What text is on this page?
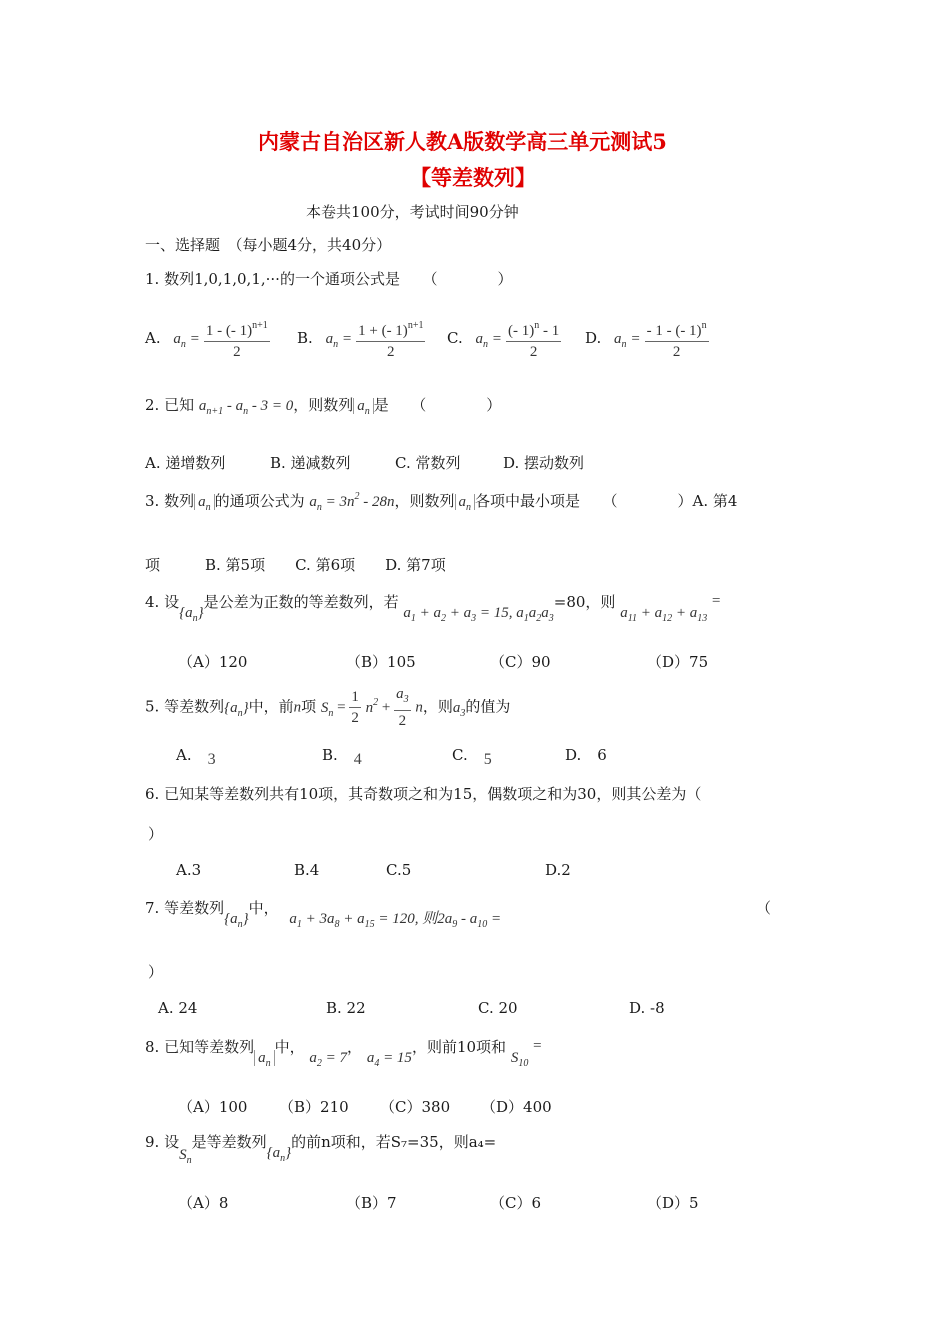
内蒙古自治区新人教A版数学高三单元测试5
【等差数列】
本卷共100分，考试时间90分钟
一、选择题　（每小题4分，共40分）
1. 数列1,0,1,0,1,···的一个通项公式是　　（　　　　）
A. $a_n = \frac{1 - (- 1)^{n+1}}{2} B$. $a_n = \frac{1 + (- 1)^{n+1}}{2} C$. $a_n = \frac{(- 1)^n - 1}{2} D$. $a_n = \frac{- 1 - (- 1)^n}{2}$
2. 已知 $a_{n+1} - a_n - 3 = 0$，则数列 $a_n$ 是　　（　　　　）
A. 递增数列	B. 递减数列	C. 常数列	D. 摆动数列
3. 数列 $a_n$ 的通项公式为 $a_n = 3n^2 - 28n$，则数列 $a_n$ 各项中最小项是　　（　　　　）A. 第4
项　　　B. 第5项　　C. 第6项　　D. 第7项
4. 设$\{a_n\}$是公差为正数的等差数列，若 $a_1 + a_2 + a_3 = 15$, $a_1a_2a_3=80$，则 $a_{11} + a_{12} + a_{13}$ =
（A）120	（B）105	（C）90	（D）75
5. 等差数列$\{a_n\}$中，前n项 $S_n = \frac{1}{2} n^2 + \frac{a_3}{2}$ n，则$a_3$的值为
A. 3	B. 4	C. 5	D. 6
6. 已知某等差数列共有10项，其奇数项之和为15，偶数项之和为30，则其公差为（
）
A.3	B.4	C.5	D.2
7. 等差数列$\{a_n\}$中， $a_1 + 3a_8 + a_{15} = 120$, 则$2a_9 - a_{10}$ =
（
）
A. 24	B. 22	C. 20	D. -8
8. 已知等差数列$a_n$中， $a_2 = 7$， $a_4 = 15$，则前10项和 $S_{10}$ =
（A）100 （B）210 （C）380 （D）400
9. 设$S_n$是等差数列$\{a_n\}$的前n项和，若S₇=35，则a₄=
（A）8	（B）7	（C）6	（D）5
